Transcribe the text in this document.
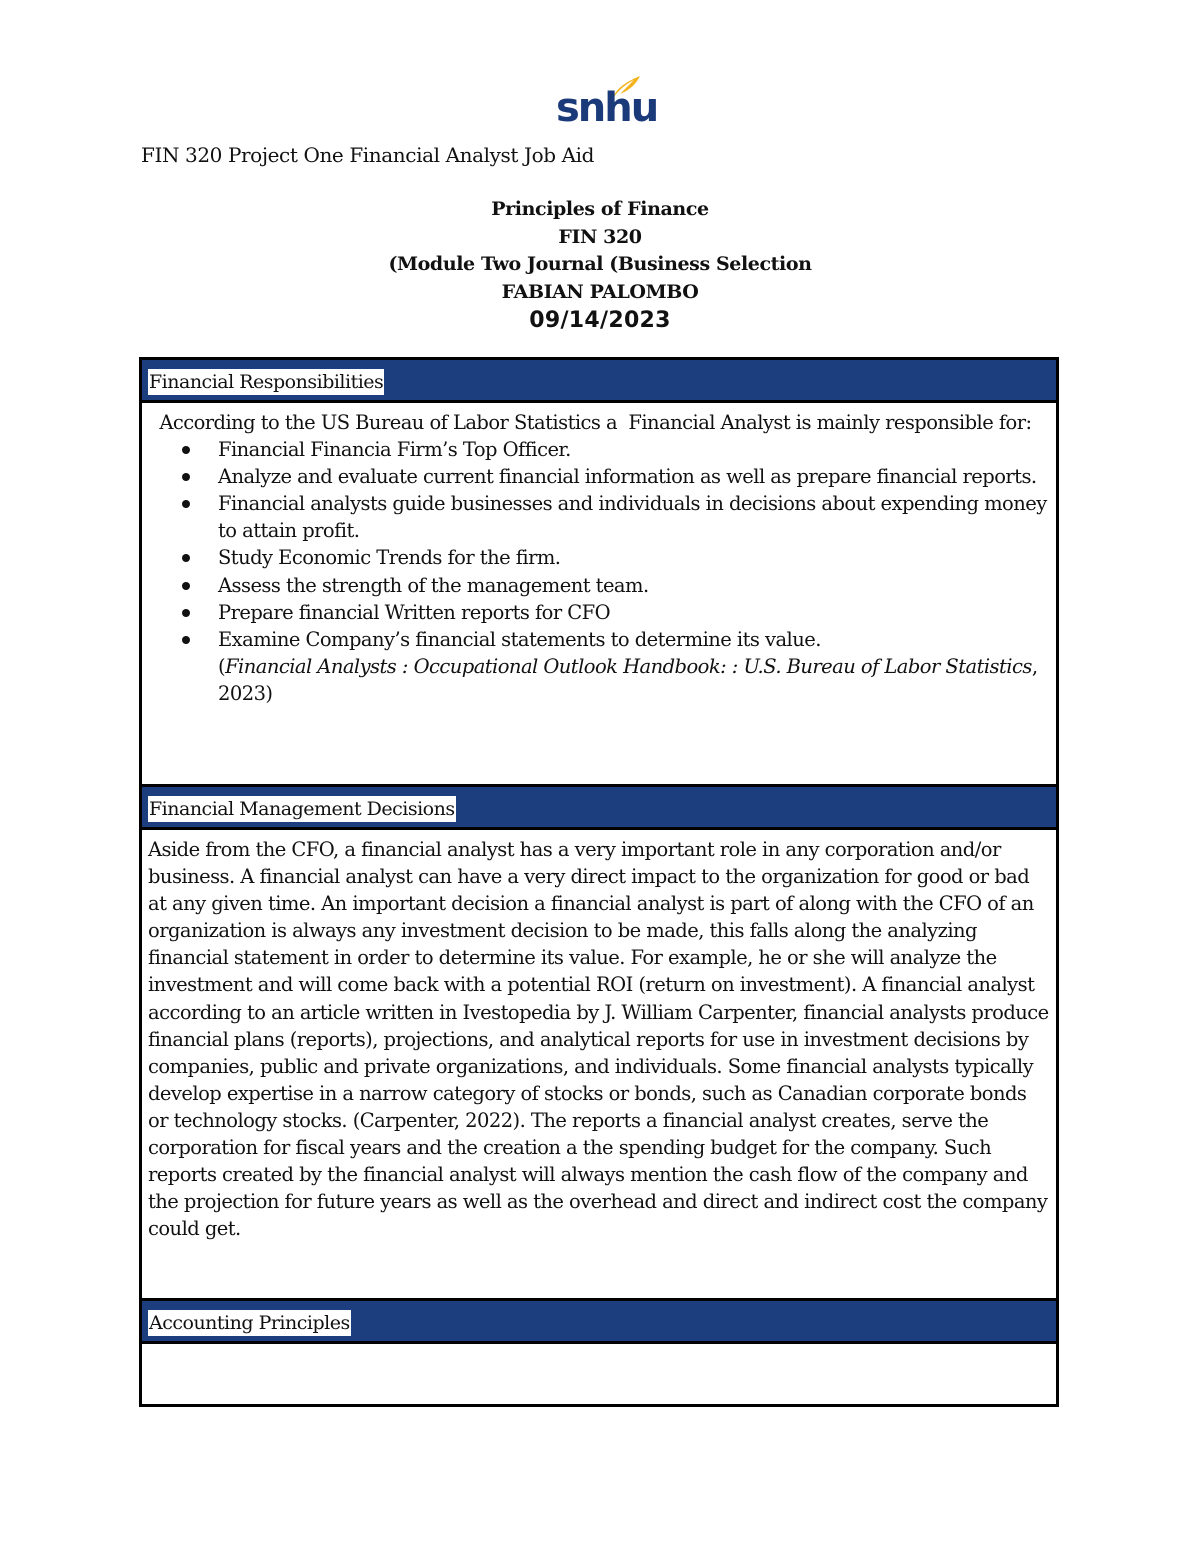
snhu
FIN 320 Project One Financial Analyst Job Aid
Principles of Finance
FIN 320
(Module Two Journal (Business Selection
FABIAN PALOMBO
09/14/2023
Financial Responsibilities

According to the US Bureau of Labor Statistics a  Financial Analyst is mainly responsible for:

Financial Financia Firm’s Top Officer.
Analyze and evaluate current financial information as well as prepare financial reports.
Financial analysts guide businesses and individuals in decisions about expending money to attain profit.
Study Economic Trends for the firm.
Assess the strength of the management team.
Prepare financial Written reports for CFO
Examine Company’s financial statements to determine its value.
(Financial Analysts : Occupational Outlook Handbook: : U.S. Bureau of Labor Statistics, 2023)
Financial Management Decisions

Aside from the CFO, a financial analyst has a very important role in any corporation and/or business. A financial analyst can have a very direct impact to the organization for good or bad at any given time. An important decision a financial analyst is part of along with the CFO of an organization is always any investment decision to be made, this falls along the analyzing financial statement in order to determine its value. For example, he or she will analyze the investment and will come back with a potential ROI (return on investment). A financial analyst according to an article written in Ivestopedia by J. William Carpenter, financial analysts produce financial plans (reports), projections, and analytical reports for use in investment decisions by companies, public and private organizations, and individuals. Some financial analysts typically develop expertise in a narrow category of stocks or bonds, such as Canadian corporate bonds or technology stocks. (Carpenter, 2022). The reports a financial analyst creates, serve the corporation for fiscal years and the creation a the spending budget for the company. Such reports created by the financial analyst will always mention the cash flow of the company and the projection for future years as well as the overhead and direct and indirect cost the company could get.

Accounting Principles
